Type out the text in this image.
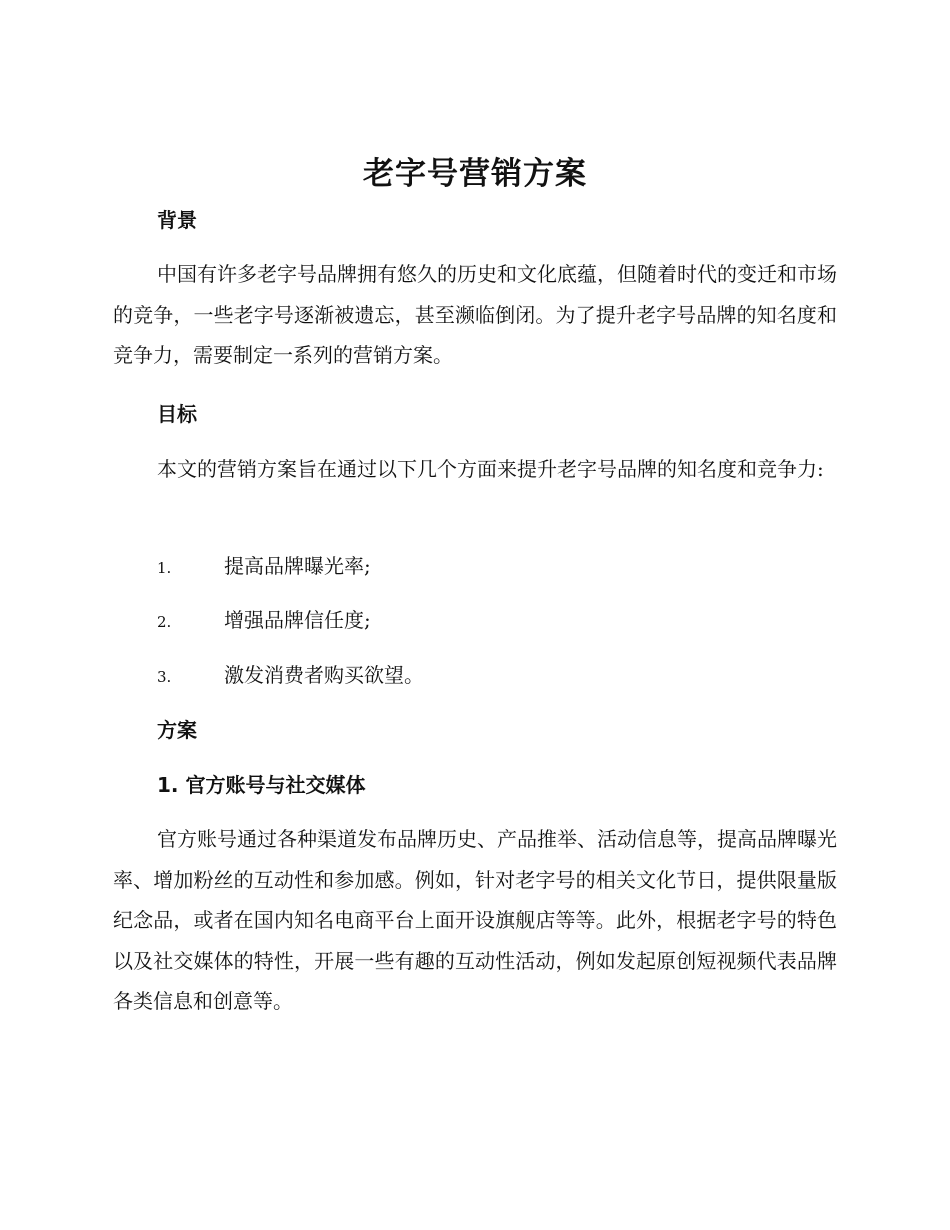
老字号营销方案
背景
中国有许多老字号品牌拥有悠久的历史和文化底蕴，但随着时代的变迁和市场的竞争，一些老字号逐渐被遗忘，甚至濒临倒闭。为了提升老字号品牌的知名度和竞争力，需要制定一系列的营销方案。
目标
本文的营销方案旨在通过以下几个方面来提升老字号品牌的知名度和竞争力:
1.	提高品牌曝光率;
2.	增强品牌信任度;
3.	激发消费者购买欲望。
方案
1. 官方账号与社交媒体
官方账号通过各种渠道发布品牌历史、产品推举、活动信息等，提高品牌曝光率、增加粉丝的互动性和参加感。例如，针对老字号的相关文化节日，提供限量版纪念品，或者在国内知名电商平台上面开设旗舰店等等。此外，根据老字号的特色以及社交媒体的特性，开展一些有趣的互动性活动，例如发起原创短视频代表品牌各类信息和创意等。
